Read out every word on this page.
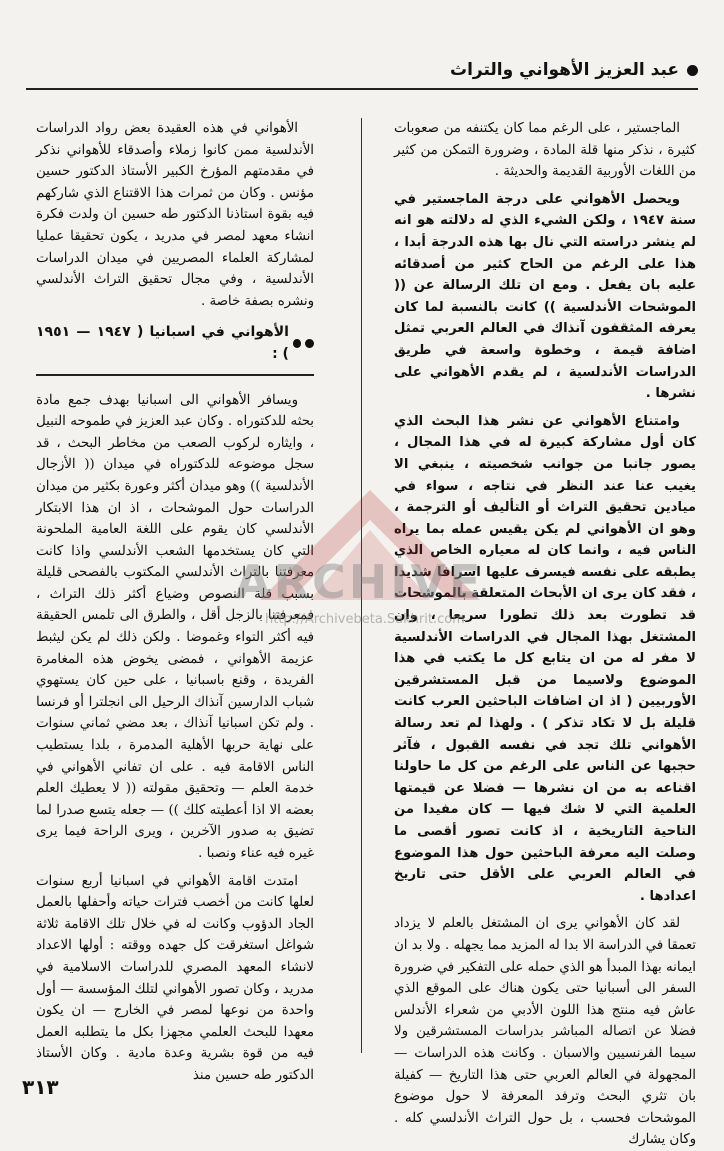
عبد العزيز الأهواني والتراث

الماجستير ، على الرغم مما كان يكتنفه من صعوبات كثيرة ، نذكر منها قلة المادة ، وضرورة التمكن من كثير من اللغات الأوربية القديمة والحديثة .

ويحصل الأهواني على درجة الماجستير في سنة ١٩٤٧ ، ولكن الشيء الذي له دلالته هو انه لم ينشر دراسته التي نال بها هذه الدرجة أبدا ، هذا على الرغم من الحاح كثير من أصدقائه عليه بان يفعل . ومع ان تلك الرسالة عن (( الموشحات الأندلسية )) كانت بالنسبة لما كان يعرفه المثقفون آنذاك في العالم العربي تمثل اضافة قيمة ، وخطوة واسعة في طريق الدراسات الأندلسية ، لم يقدم الأهواني على نشرها .

وامتناع الأهواني عن نشر هذا البحث الذي كان أول مشاركة كبيرة له في هذا المجال ، يصور جانبا من جوانب شخصيته ، ينبغي الا يغيب عنا عند النظر في نتاجه ، سواء في ميادين تحقيق التراث أو التأليف أو الترجمة ، وهو ان الأهواني لم يكن يقيس عمله بما يراه الناس فيه ، وانما كان له معياره الخاص الذي يطبقه على نفسه فيسرف عليها اسرافا شديدا ، فقد كان يرى ان الأبحاث المتعلقة بالموشحات قد تطورت بعد ذلك تطورا سريعا ، وان المشتغل بهذا المجال في الدراسات الأندلسية لا مفر له من ان يتابع كل ما يكتب في هذا الموضوع ولاسيما من قبل المستشرقين الأوربيين ( اذ ان اضافات الباحثين العرب كانت قليلة بل لا تكاد تذكر ) . ولهذا لم تعد رسالة الأهواني تلك تجد في نفسه القبول ، فآثر حجبها عن الناس على الرغم من كل ما حاولنا اقناعه به من ان نشرها — فضلا عن قيمتها العلمية التي لا شك فيها — كان مفيدا من الناحية التاريخية ، اذ كانت تصور أقصى ما وصلت اليه معرفة الباحثين حول هذا الموضوع في العالم العربي على الأقل حتى تاريخ اعدادها .

لقد كان الأهواني يرى ان المشتغل بالعلم لا يزداد تعمقا في الدراسة الا بدا له المزيد مما يجهله . ولا بد ان ايمانه بهذا المبدأ هو الذي حمله على التفكير في ضرورة السفر الى أسبانيا حتى يكون هناك على الموقع الذي عاش فيه منتج هذا اللون الأدبي من شعراء الأندلس فضلا عن اتصاله المباشر بدراسات المستشرقين ولا سيما الفرنسيين والاسبان . وكانت هذه الدراسات — المجهولة في العالم العربي حتى هذا التاريخ — كفيلة بان تثري البحث وترفد المعرفة لا حول موضوع الموشحات فحسب ، بل حول التراث الأندلسي كله . وكان يشارك

الأهواني في هذه العقيدة بعض رواد الدراسات الأندلسية ممن كانوا زملاء وأصدقاء للأهواني نذكر في مقدمتهم المؤرخ الكبير الأستاذ الدكتور حسين مؤنس . وكان من ثمرات هذا الاقتناع الذي شاركهم فيه بقوة استاذنا الدكتور طه حسين ان ولدت فكرة انشاء معهد لمصر في مدريد ، يكون تحقيقا عمليا لمشاركة العلماء المصريين في ميدان الدراسات الأندلسية ، وفي مجال تحقيق التراث الأندلسي ونشره بصفة خاصة .

الأهواني في اسبانيا ( ١٩٤٧ — ١٩٥١ ) :

ويسافر الأهواني الى اسبانيا بهدف جمع مادة بحثه للدكتوراه . وكان عبد العزيز في طموحه النبيل ، وايثاره لركوب الصعب من مخاطر البحث ، قد سجل موضوعه للدكتوراه في ميدان (( الأزجال الأندلسية )) وهو ميدان أكثر وعورة بكثير من ميدان الدراسات حول الموشحات ، اذ ان هذا الابتكار الأندلسي كان يقوم على اللغة العامية الملحونة التي كان يستخدمها الشعب الأندلسي واذا كانت معرفتنا بالتراث الأندلسي المكتوب بالفصحى قليلة بسبب قلة النصوص وضياع أكثر ذلك التراث ، فمعرفتنا بالزجل أقل ، والطرق الى تلمس الحقيقة فيه أكثر التواء وغموضا . ولكن ذلك لم يكن ليثبط عزيمة الأهواني ، فمضى يخوض هذه المغامرة الفريدة ، وقنع باسبانيا ، على حين كان يستهوي شباب الدارسين آنذاك الرحيل الى انجلترا أو فرنسا . ولم تكن اسبانيا آنذاك ، بعد مضي ثماني سنوات على نهاية حربها الأهلية المدمرة ، بلدا يستطيب الناس الاقامة فيه . على ان تفاني الأهواني في خدمة العلم — وتحقيق مقولته (( لا يعطيك العلم بعضه الا اذا أعطيته كلك )) — جعله يتسع صدرا لما تضيق به صدور الآخرين ، ويرى الراحة فيما يرى غيره فيه عناء ونصبا .

امتدت اقامة الأهواني في اسبانيا أربع سنوات لعلها كانت من أخصب فترات حياته وأحفلها بالعمل الجاد الدؤوب وكانت له في خلال تلك الاقامة ثلاثة شواغل استغرقت كل جهده ووقته : أولها الاعداد لانشاء المعهد المصري للدراسات الاسلامية في مدريد ، وكان تصور الأهواني لتلك المؤسسة — أول واحدة من نوعها لمصر في الخارج — ان يكون معهدا للبحث العلمي مجهزا بكل ما يتطلبه العمل فيه من قوة بشرية وعدة مادية . وكان الأستاذ الدكتور طه حسين منذ

ARCHIVE
http://Archivebeta.Sakhrit.com
٣١٣
